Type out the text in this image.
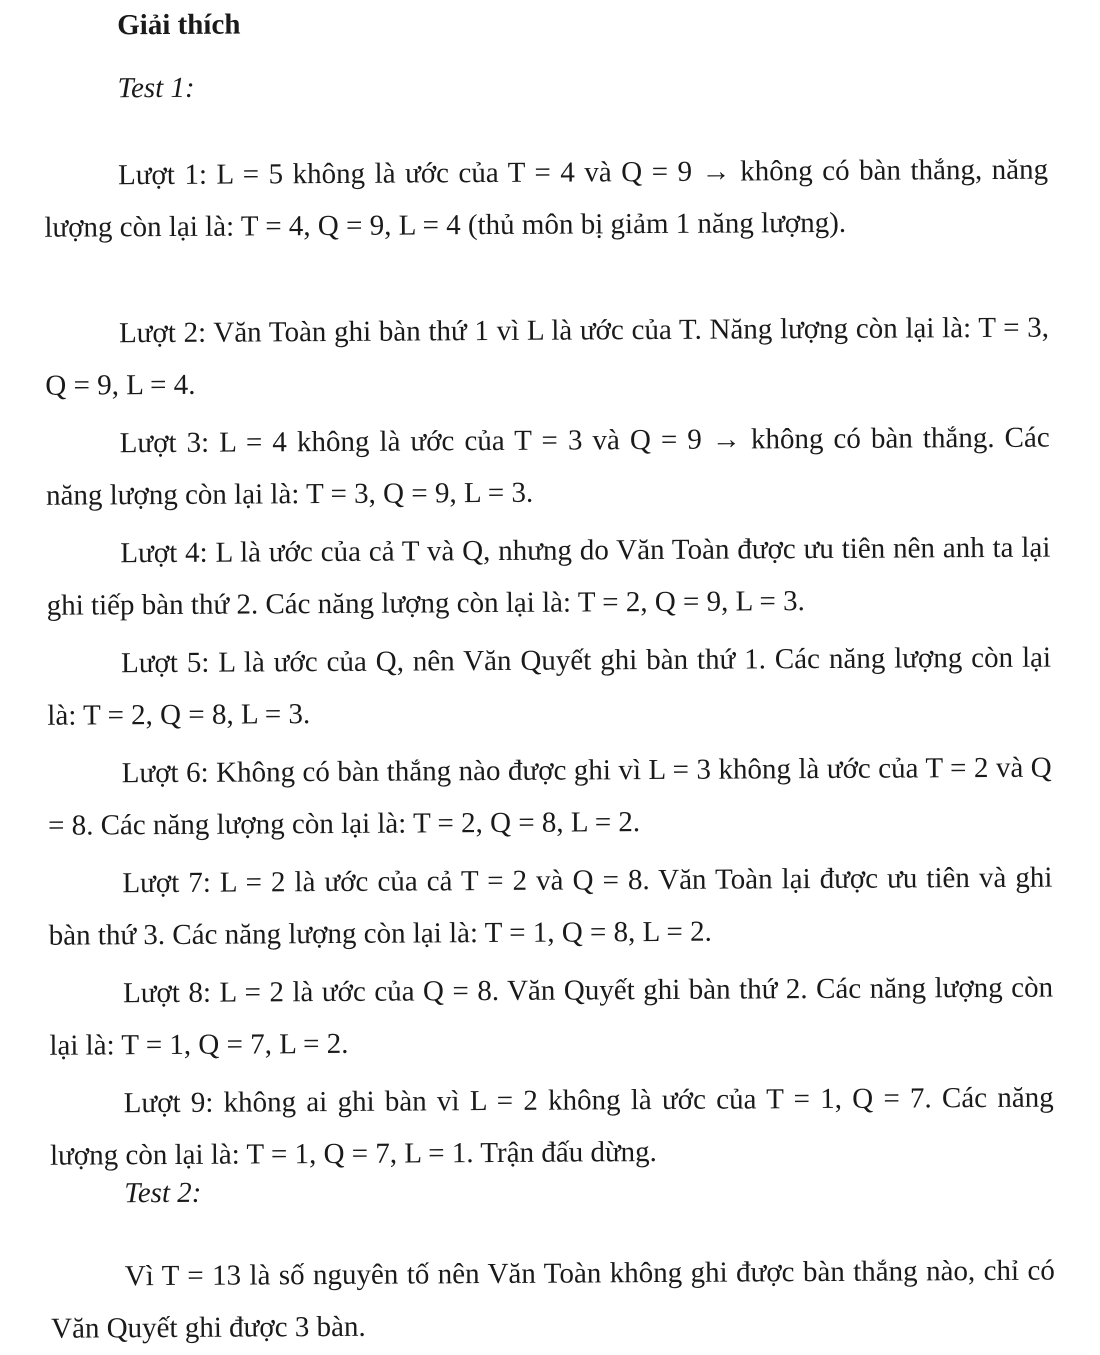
Giải thích
Test 1:

Lượt 1: L = 5 không là ước của T = 4 và Q = 9 → không có bàn thắng, năng lượng còn lại là: T = 4, Q = 9, L = 4 (thủ môn bị giảm 1 năng lượng).

Lượt 2: Văn Toàn ghi bàn thứ 1 vì L là ước của T. Năng lượng còn lại là: T = 3, Q = 9, L = 4.

Lượt 3: L = 4 không là ước của T = 3 và Q = 9 → không có bàn thắng. Các năng lượng còn lại là: T = 3, Q = 9, L = 3.

Lượt 4: L là ước của cả T và Q, nhưng do Văn Toàn được ưu tiên nên anh ta lại ghi tiếp bàn thứ 2. Các năng lượng còn lại là: T = 2, Q = 9, L = 3.

Lượt 5: L là ước của Q, nên Văn Quyết ghi bàn thứ 1. Các năng lượng còn lại là: T = 2, Q = 8, L = 3.

Lượt 6: Không có bàn thắng nào được ghi vì L = 3 không là ước của T = 2 và Q = 8. Các năng lượng còn lại là: T = 2, Q = 8, L = 2.

Lượt 7: L = 2 là ước của cả T = 2 và Q = 8. Văn Toàn lại được ưu tiên và ghi bàn thứ 3. Các năng lượng còn lại là: T = 1, Q = 8, L = 2.

Lượt 8: L = 2 là ước của Q = 8. Văn Quyết ghi bàn thứ 2. Các năng lượng còn lại là: T = 1, Q = 7, L = 2.

Lượt 9: không ai ghi bàn vì L = 2 không là ước của T = 1, Q = 7. Các năng lượng còn lại là: T = 1, Q = 7, L = 1. Trận đấu dừng.

Test 2:

Vì T = 13 là số nguyên tố nên Văn Toàn không ghi được bàn thắng nào, chỉ có Văn Quyết ghi được 3 bàn.
